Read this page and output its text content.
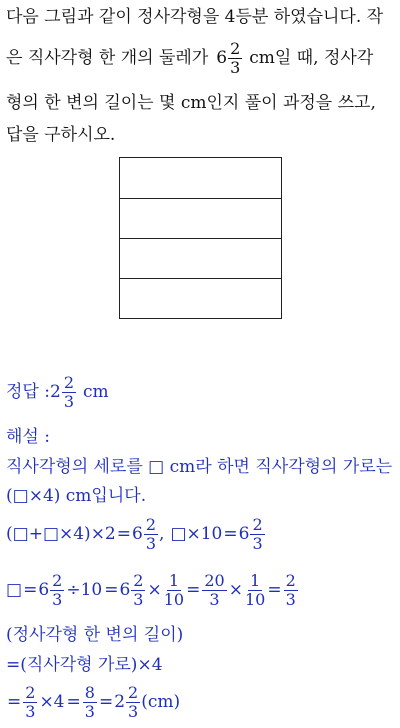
다음 그림과 같이 정사각형을 4등분 하였습니다. 작
은 직사각형 한 개의 둘레가 $6 \frac{2}{3}$ cm일 때, 정사각
형의 한 변의 길이는 몇 cm인지 풀이 과정을 쓰고,
답을 구하시오.
정답 : $2 \frac{2}{3}$ cm
해설 :
직사각형의 세로를 □ cm라 하면 직사각형의 가로는
(□×4) cm입니다.
(□+□×4)×2 = $6 \frac{2}{3}$ , □×10 = $6 \frac{2}{3}$
□ = $6 \frac{2}{3} \div 10 = 6 \frac{2}{3} \times \frac{1}{10} = \frac{20}{3} \times \frac{1}{10} = \frac{2}{3}$
(정사각형 한 변의 길이)
=(직사각형 가로)×4
= $\frac{2}{3} \times 4 = \frac{8}{3} = 2 \frac{2}{3} (cm)$
